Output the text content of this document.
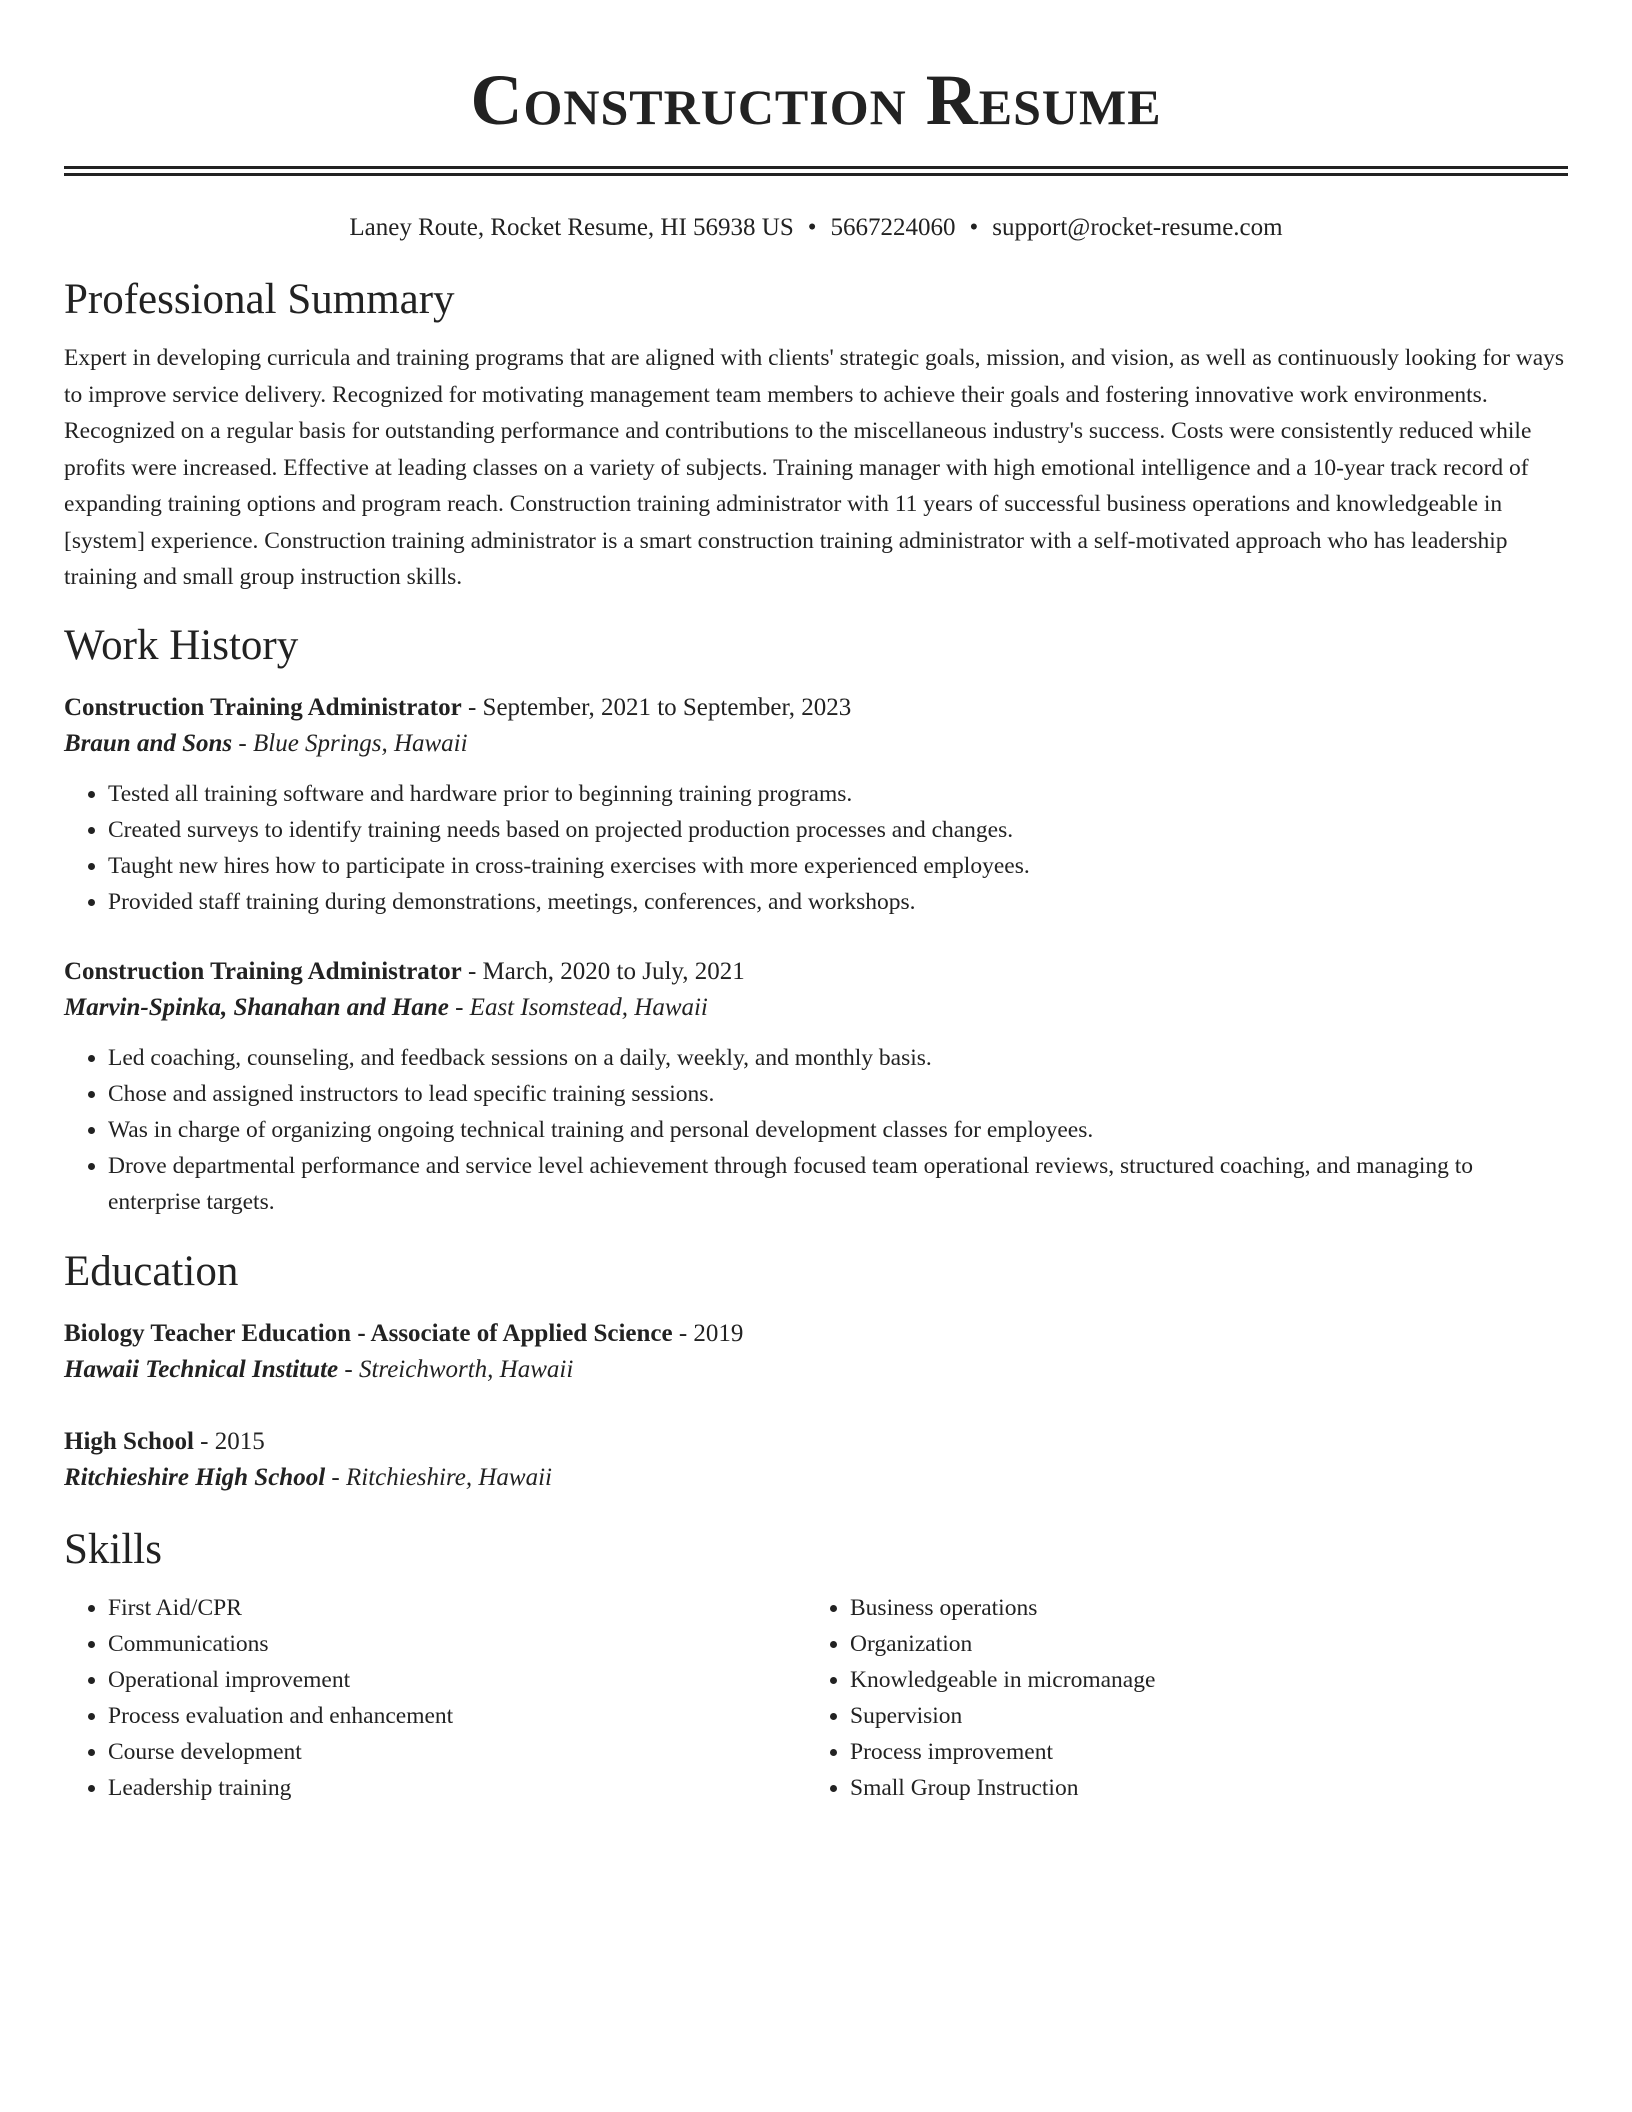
Construction Resume
Laney Route, Rocket Resume, HI 56938 US • 5667224060 • support@rocket-resume.com
Professional Summary
Expert in developing curricula and training programs that are aligned with clients' strategic goals, mission, and vision, as well as continuously looking for ways to improve service delivery. Recognized for motivating management team members to achieve their goals and fostering innovative work environments. Recognized on a regular basis for outstanding performance and contributions to the miscellaneous industry's success. Costs were consistently reduced while profits were increased. Effective at leading classes on a variety of subjects. Training manager with high emotional intelligence and a 10-year track record of expanding training options and program reach. Construction training administrator with 11 years of successful business operations and knowledgeable in [system] experience. Construction training administrator is a smart construction training administrator with a self-motivated approach who has leadership training and small group instruction skills.
Work History
Construction Training Administrator - September, 2021 to September, 2023
Braun and Sons - Blue Springs, Hawaii
• Tested all training software and hardware prior to beginning training programs.
• Created surveys to identify training needs based on projected production processes and changes.
• Taught new hires how to participate in cross-training exercises with more experienced employees.
• Provided staff training during demonstrations, meetings, conferences, and workshops.
Construction Training Administrator - March, 2020 to July, 2021
Marvin-Spinka, Shanahan and Hane - East Isomstead, Hawaii
• Led coaching, counseling, and feedback sessions on a daily, weekly, and monthly basis.
• Chose and assigned instructors to lead specific training sessions.
• Was in charge of organizing ongoing technical training and personal development classes for employees.
• Drove departmental performance and service level achievement through focused team operational reviews, structured coaching, and managing to enterprise targets.
Education
Biology Teacher Education - Associate of Applied Science - 2019
Hawaii Technical Institute - Streichworth, Hawaii
High School - 2015
Ritchieshire High School - Ritchieshire, Hawaii
Skills
• First Aid/CPR
• Communications
• Operational improvement
• Process evaluation and enhancement
• Course development
• Leadership training
• Business operations
• Organization
• Knowledgeable in micromanage
• Supervision
• Process improvement
• Small Group Instruction
